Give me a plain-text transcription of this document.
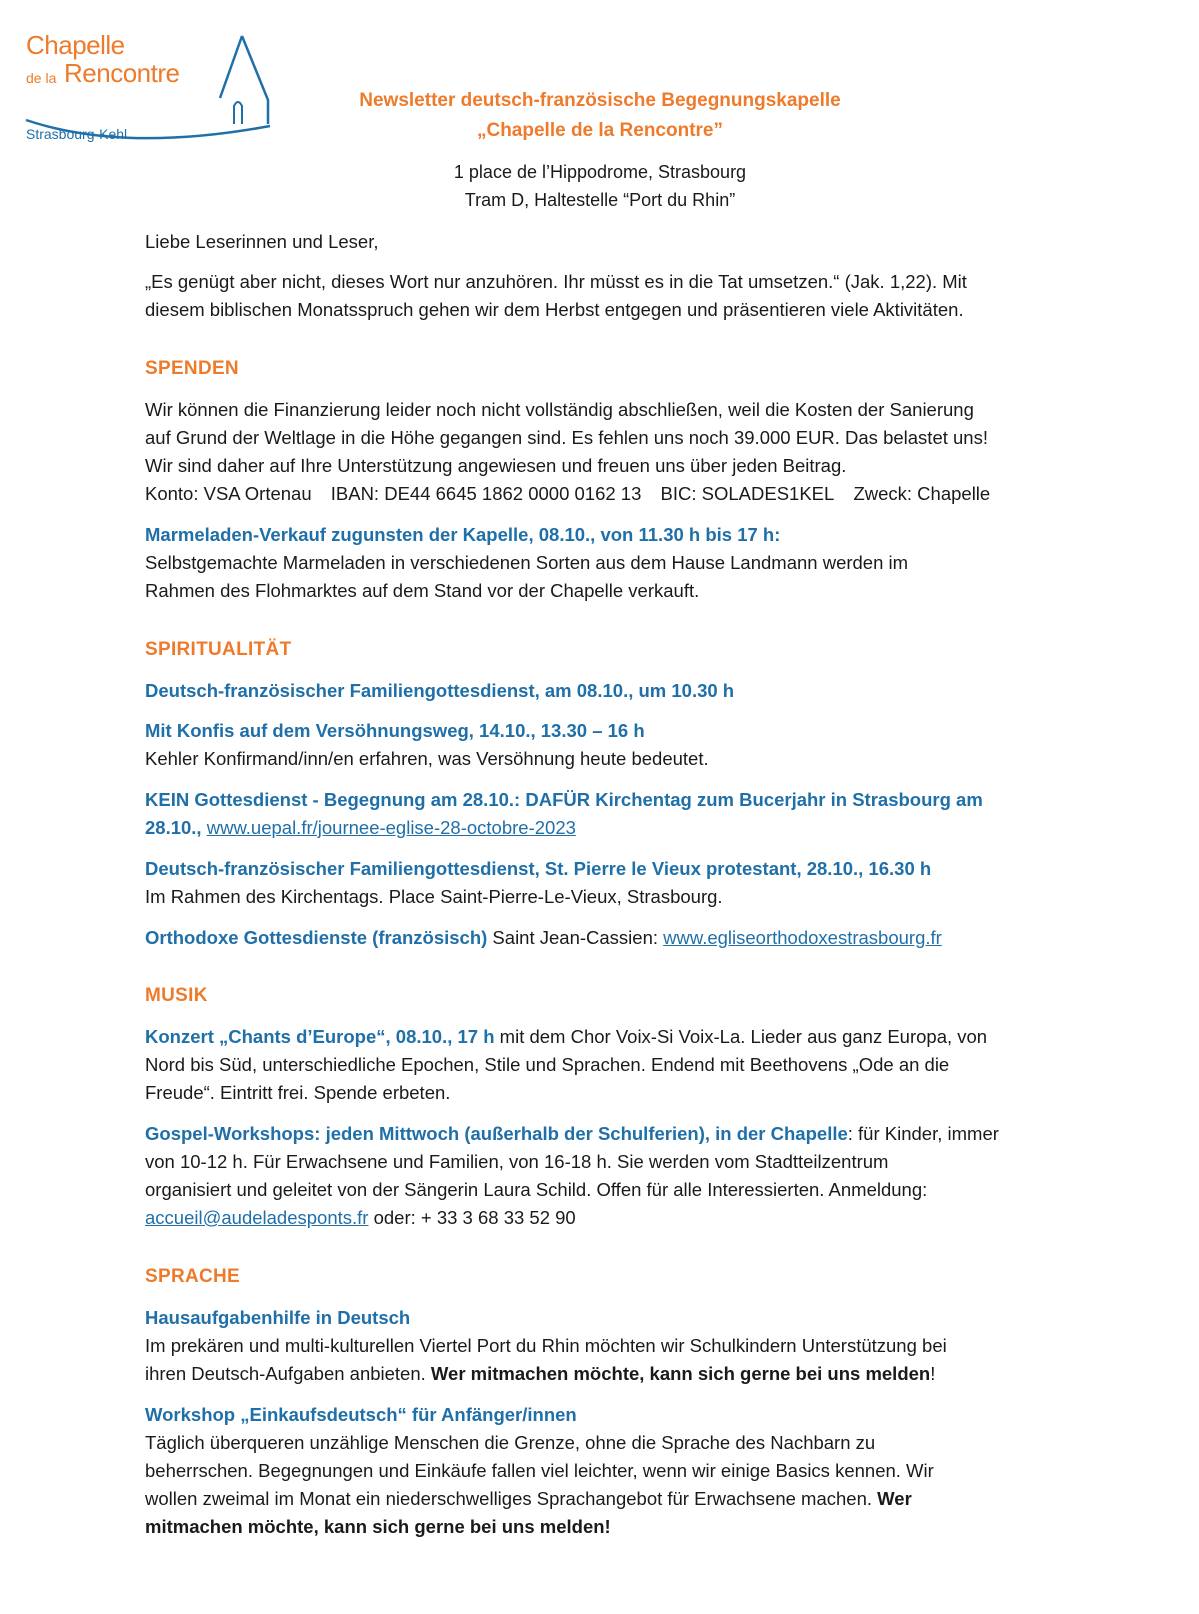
Chapelle
de la Rencontre
Strasbourg-Kehl
Newsletter deutsch-französische Begegnungskapelle
„Chapelle de la Rencontre”
1 place de l’Hippodrome, Strasbourg
Tram D, Haltestelle “Port du Rhin”
Liebe Leserinnen und Leser,
„Es genügt aber nicht, dieses Wort nur anzuhören. Ihr müsst es in die Tat umsetzen.“ (Jak. 1,22). Mit
diesem biblischen Monatsspruch gehen wir dem Herbst entgegen und präsentieren viele Aktivitäten.
SPENDEN
Wir können die Finanzierung leider noch nicht vollständig abschließen, weil die Kosten der Sanierung
auf Grund der Weltlage in die Höhe gegangen sind. Es fehlen uns noch 39.000 EUR. Das belastet uns!
Wir sind daher auf Ihre Unterstützung angewiesen und freuen uns über jeden Beitrag.
Konto: VSA Ortenau IBAN: DE44 6645 1862 0000 0162 13 BIC: SOLADES1KEL Zweck: Chapelle
Marmeladen-Verkauf zugunsten der Kapelle, 08.10., von 11.30 h bis 17 h:
Selbstgemachte Marmeladen in verschiedenen Sorten aus dem Hause Landmann werden im
Rahmen des Flohmarktes auf dem Stand vor der Chapelle verkauft.
SPIRITUALITÄT
Deutsch-französischer Familiengottesdienst, am 08.10., um 10.30 h
Mit Konfis auf dem Versöhnungsweg, 14.10., 13.30 – 16 h
Kehler Konfirmand/inn/en erfahren, was Versöhnung heute bedeutet.
KEIN Gottesdienst - Begegnung am 28.10.: DAFÜR Kirchentag zum Bucerjahr in Strasbourg am
28.10., www.uepal.fr/journee-eglise-28-octobre-2023
Deutsch-französischer Familiengottesdienst, St. Pierre le Vieux protestant, 28.10., 16.30 h
Im Rahmen des Kirchentags. Place Saint-Pierre-Le-Vieux, Strasbourg.
Orthodoxe Gottesdienste (französisch) Saint Jean-Cassien: www.egliseorthodoxestrasbourg.fr
MUSIK
Konzert „Chants d’Europe“, 08.10., 17 h mit dem Chor Voix-Si Voix-La. Lieder aus ganz Europa, von
Nord bis Süd, unterschiedliche Epochen, Stile und Sprachen. Endend mit Beethovens „Ode an die
Freude“. Eintritt frei. Spende erbeten.
Gospel-Workshops: jeden Mittwoch (außerhalb der Schulferien), in der Chapelle: für Kinder, immer
von 10-12 h. Für Erwachsene und Familien, von 16-18 h. Sie werden vom Stadtteilzentrum
organisiert und geleitet von der Sängerin Laura Schild. Offen für alle Interessierten. Anmeldung:
accueil@audeladesponts.fr oder: + 33 3 68 33 52 90
SPRACHE
Hausaufgabenhilfe in Deutsch
Im prekären und multi-kulturellen Viertel Port du Rhin möchten wir Schulkindern Unterstützung bei
ihren Deutsch-Aufgaben anbieten. Wer mitmachen möchte, kann sich gerne bei uns melden!
Workshop „Einkaufsdeutsch“ für Anfänger/innen
Täglich überqueren unzählige Menschen die Grenze, ohne die Sprache des Nachbarn zu
beherrschen. Begegnungen und Einkäufe fallen viel leichter, wenn wir einige Basics kennen. Wir
wollen zweimal im Monat ein niederschwelliges Sprachangebot für Erwachsene machen. Wer
mitmachen möchte, kann sich gerne bei uns melden!
